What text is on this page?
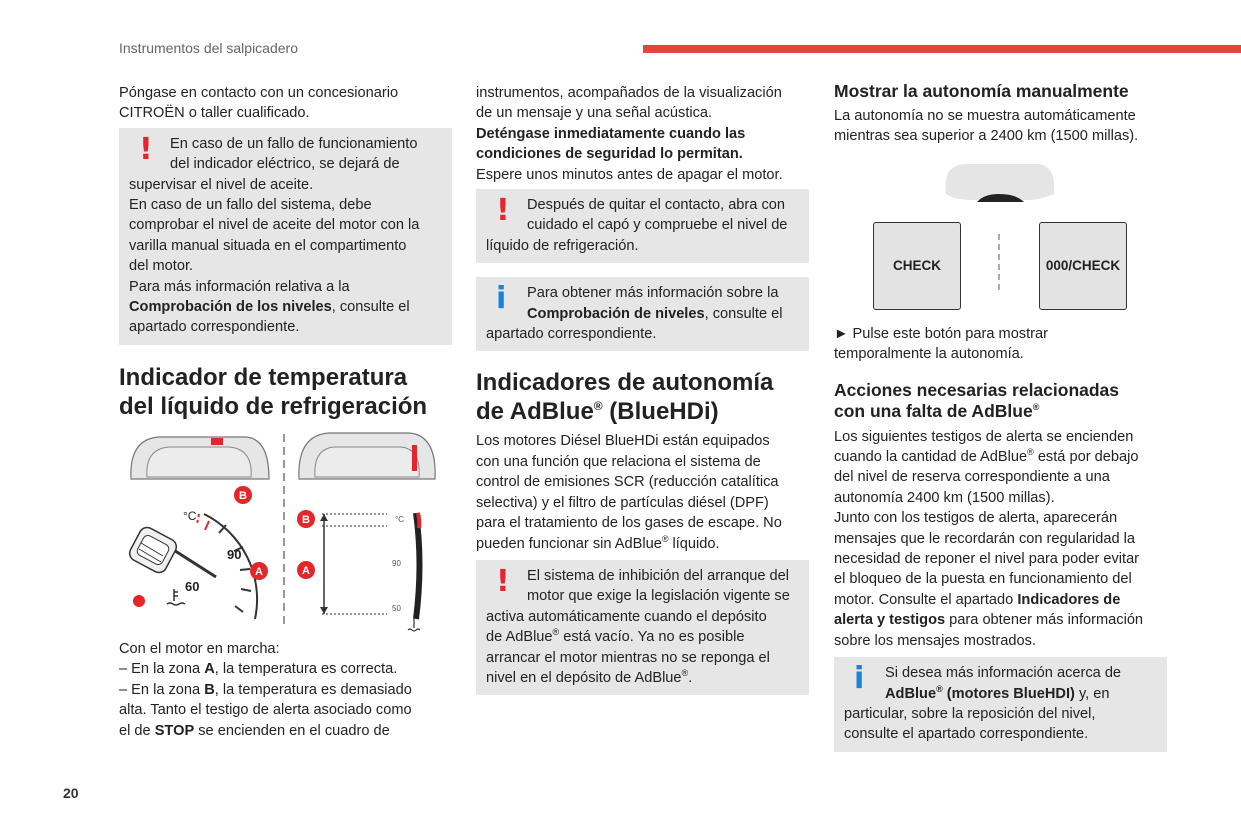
Instrumentos del salpicadero
20

Póngase en contacto con un concesionario
CITROËN o taller cualificado.

! En caso de un fallo de funcionamiento
del indicador eléctrico, se dejará de
supervisar el nivel de aceite.
En caso de un fallo del sistema, debe
comprobar el nivel de aceite del motor con la
varilla manual situada en el compartimento
del motor.
Para más información relativa a la
Comprobación de los niveles, consulte el
apartado correspondiente.
Indicador de temperatura
del líquido de refrigeración
°C
90
60
B
A
B
A
°C
90
50
Con el motor en marcha:
– En la zona A, la temperatura es correcta.
– En la zona B, la temperatura es demasiado
alta. Tanto el testigo de alerta asociado como
el de STOP se encienden en el cuadro de
instrumentos, acompañados de la visualización
de un mensaje y una señal acústica.
Deténgase inmediatamente cuando las
condiciones de seguridad lo permitan.
Espere unos minutos antes de apagar el motor.
! Después de quitar el contacto, abra con
cuidado el capó y compruebe el nivel de
líquido de refrigeración.
i Para obtener más información sobre la
Comprobación de niveles, consulte el
apartado correspondiente.
Indicadores de autonomía
de AdBlue® (BlueHDi)
Los motores Diésel BlueHDi están equipados
con una función que relaciona el sistema de
control de emisiones SCR (reducción catalítica
selectiva) y el filtro de partículas diésel (DPF)
para el tratamiento de los gases de escape. No
pueden funcionar sin AdBlue® líquido.
! El sistema de inhibición del arranque del
motor que exige la legislación vigente se
activa automáticamente cuando el depósito
de AdBlue® está vacío. Ya no es posible
arrancar el motor mientras no se reponga el
nivel en el depósito de AdBlue®.
Mostrar la autonomía manualmente
La autonomía no se muestra automáticamente
mientras sea superior a 2400 km (1500 millas).
CHECK	000/CHECK
► Pulse este botón para mostrar
temporalmente la autonomía.
Acciones necesarias relacionadas
con una falta de AdBlue®
Los siguientes testigos de alerta se encienden
cuando la cantidad de AdBlue® está por debajo
del nivel de reserva correspondiente a una
autonomía 2400 km (1500 millas).
Junto con los testigos de alerta, aparecerán
mensajes que le recordarán con regularidad la
necesidad de reponer el nivel para poder evitar
el bloqueo de la puesta en funcionamiento del
motor. Consulte el apartado Indicadores de
alerta y testigos para obtener más información
sobre los mensajes mostrados.
i Si desea más información acerca de
AdBlue® (motores BlueHDI) y, en
particular, sobre la reposición del nivel,
consulte el apartado correspondiente.
